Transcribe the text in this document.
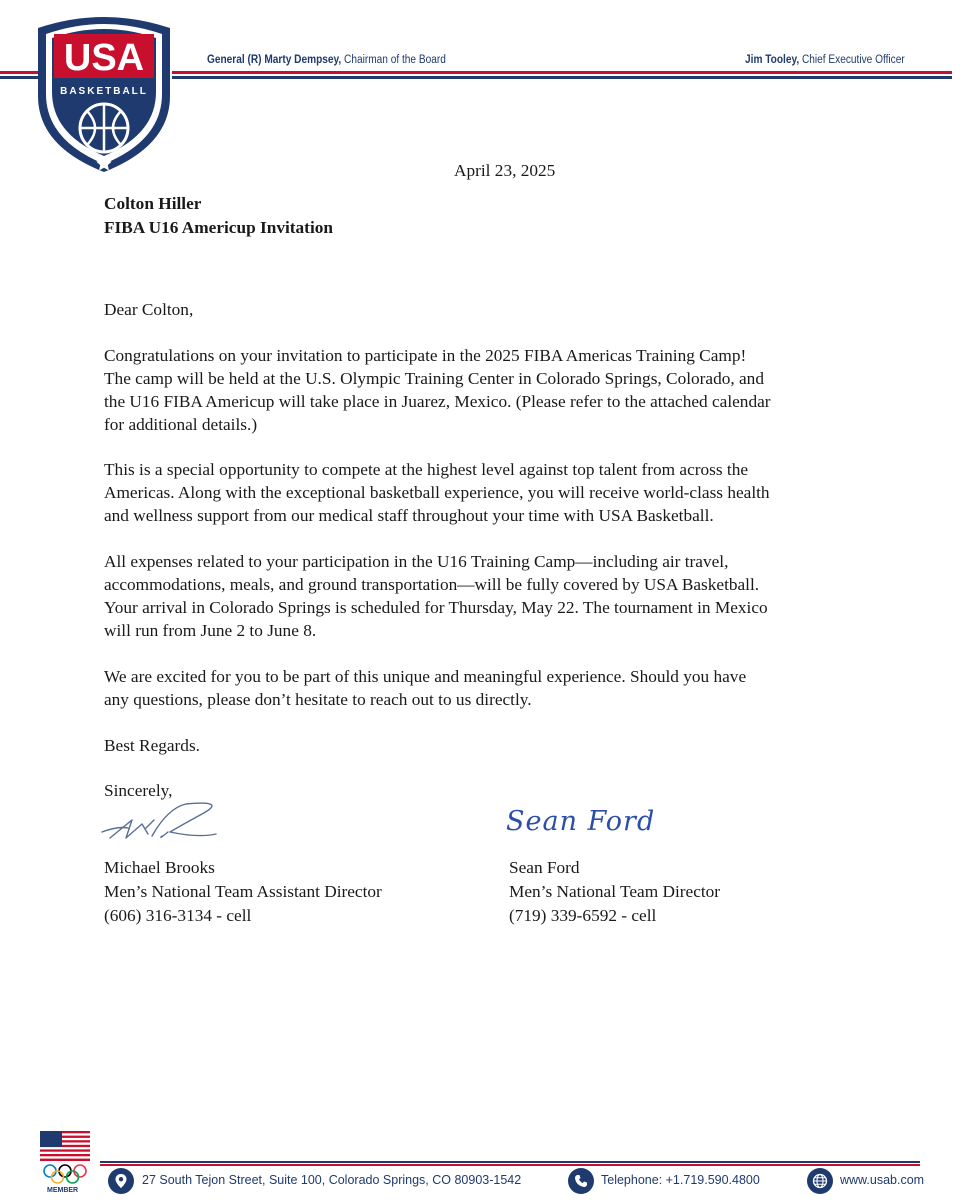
USA
BASKETBALL
General (R) Marty Dempsey, Chairman of the Board	Jim Tooley, Chief Executive Officer
April 23, 2025
Colton Hiller
FIBA U16 Americup Invitation
Dear Colton,
Congratulations on your invitation to participate in the 2025 FIBA Americas Training Camp!
The camp will be held at the U.S. Olympic Training Center in Colorado Springs, Colorado, and
the U16 FIBA Americup will take place in Juarez, Mexico. (Please refer to the attached calendar
for additional details.)
This is a special opportunity to compete at the highest level against top talent from across the
Americas. Along with the exceptional basketball experience, you will receive world-class health
and wellness support from our medical staff throughout your time with USA Basketball.
All expenses related to your participation in the U16 Training Camp—including air travel,
accommodations, meals, and ground transportation—will be fully covered by USA Basketball.
Your arrival in Colorado Springs is scheduled for Thursday, May 22. The tournament in Mexico
will run from June 2 to June 8.
We are excited for you to be part of this unique and meaningful experience. Should you have
any questions, please don’t hesitate to reach out to us directly.
Best Regards.
Sincerely,
Sean Ford
Michael Brooks
Men’s National Team Assistant Director
(606) 316-3134 - cell
Sean Ford
Men’s National Team Director
(719) 339-6592 - cell
MEMBER
27 South Tejon Street, Suite 100, Colorado Springs, CO 80903-1542	Telephone: +1.719.590.4800	www.usab.com
